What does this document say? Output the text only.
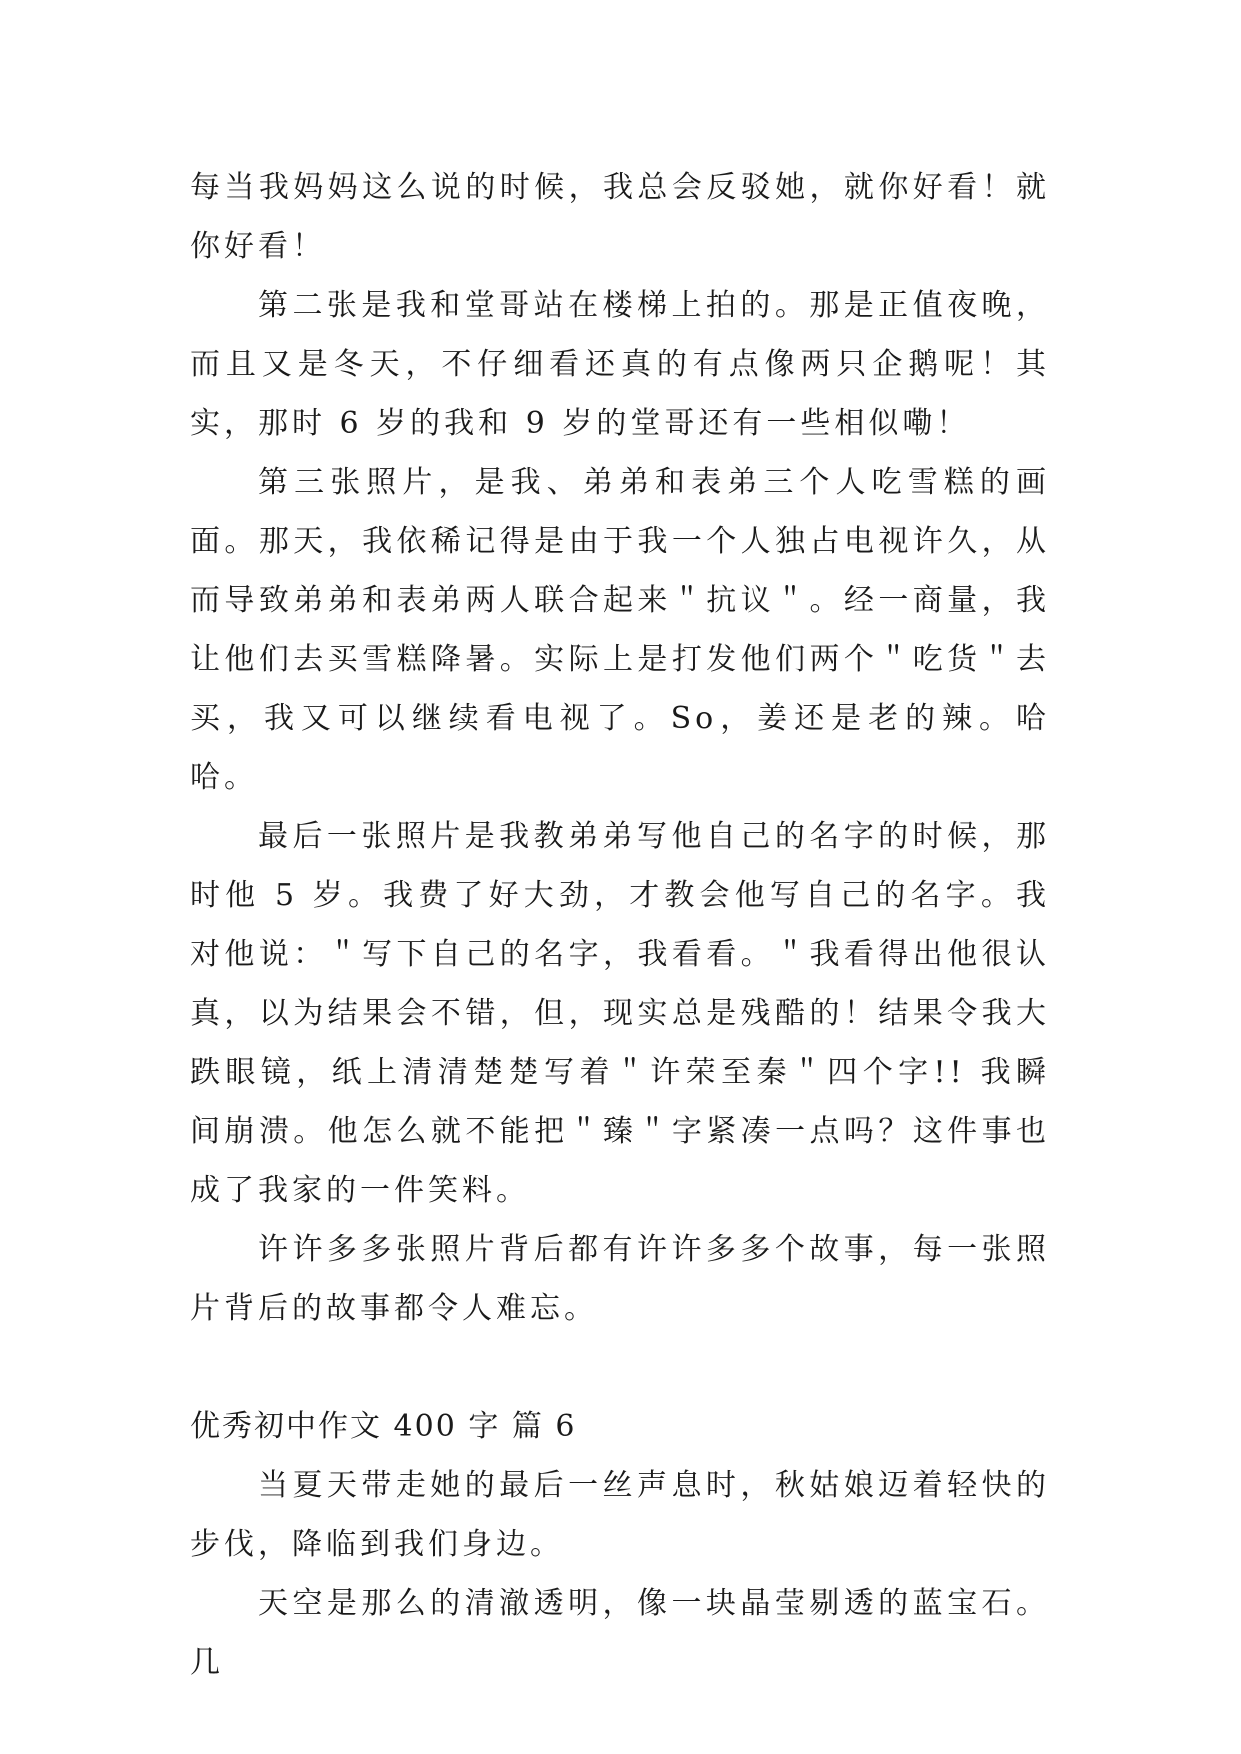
每当我妈妈这么说的时候，我总会反驳她，就你好看！就你好看！

第二张是我和堂哥站在楼梯上拍的。那是正值夜晚，而且又是冬天，不仔细看还真的有点像两只企鹅呢！其实，那时 6 岁的我和 9 岁的堂哥还有一些相似嘞！

第三张照片，是我、弟弟和表弟三个人吃雪糕的画面。那天，我依稀记得是由于我一个人独占电视许久，从而导致弟弟和表弟两人联合起来＂抗议＂。经一商量，我让他们去买雪糕降暑。实际上是打发他们两个＂吃货＂去买，我又可以继续看电视了。So，姜还是老的辣。哈哈。

最后一张照片是我教弟弟写他自己的名字的时候，那时他 5 岁。我费了好大劲，才教会他写自己的名字。我对他说：＂写下自己的名字，我看看。＂我看得出他很认真，以为结果会不错，但，现实总是残酷的！结果令我大跌眼镜，纸上清清楚楚写着＂许荣至秦＂四个字!! 我瞬间崩溃。他怎么就不能把＂臻＂字紧凑一点吗？这件事也成了我家的一件笑料。

许许多多张照片背后都有许许多多个故事，每一张照片背后的故事都令人难忘。

优秀初中作文 400 字 篇 6

当夏天带走她的最后一丝声息时，秋姑娘迈着轻快的步伐，降临到我们身边。

天空是那么的清澈透明，像一块晶莹剔透的蓝宝石。几
